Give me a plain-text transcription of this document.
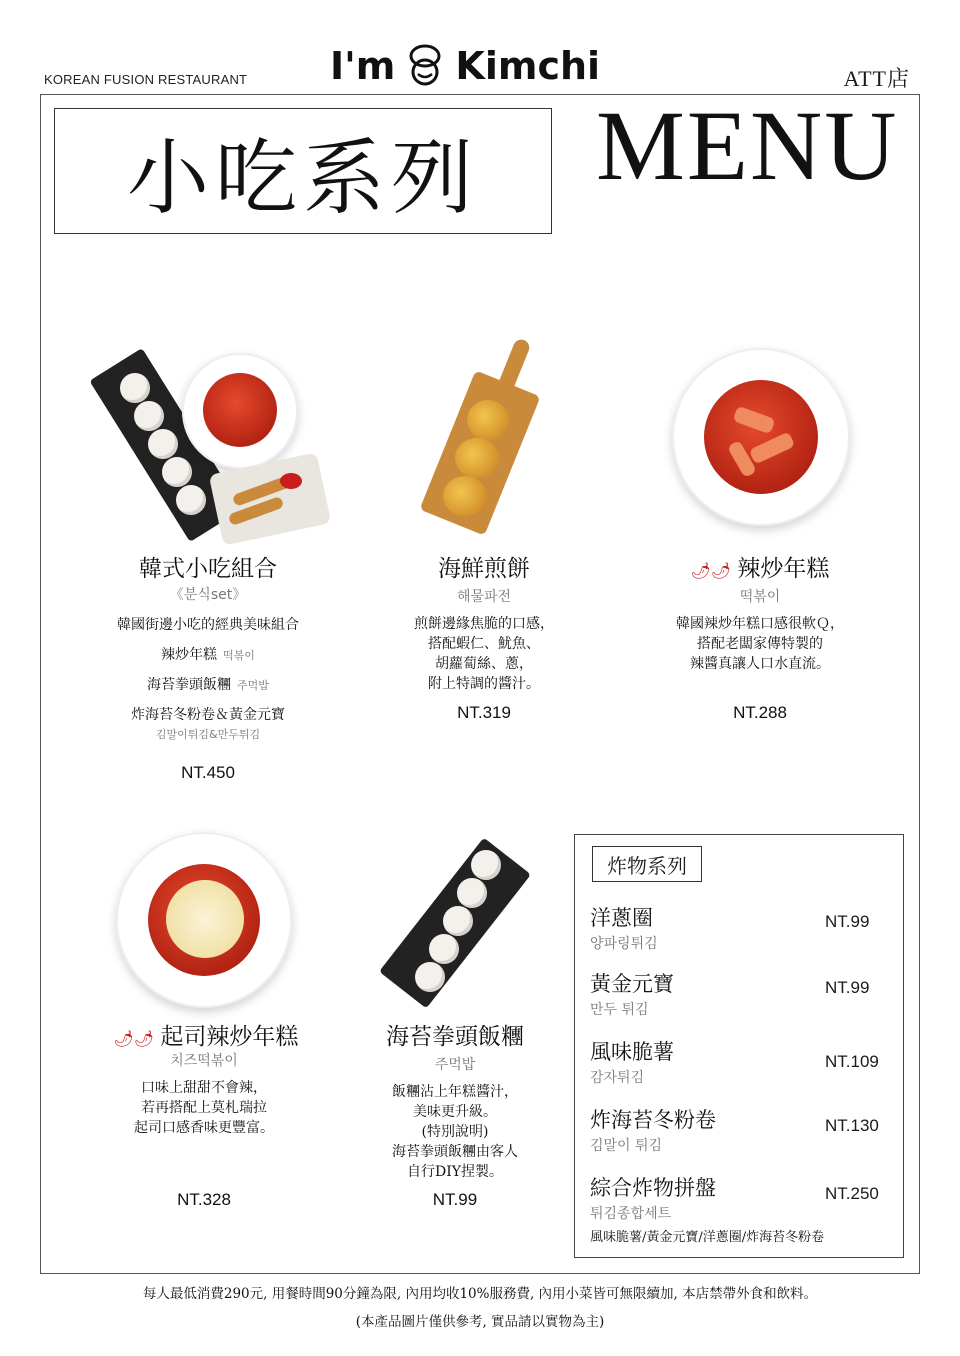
KOREAN FUSION RESTAURANT I'm Kimchi	ATT店
小吃系列	MENU
韓式小吃組合
《분식set》
韓國街邊小吃的經典美味組合
辣炒年糕 떡볶이
海苔拳頭飯糰 주먹밥
炸海苔冬粉卷＆黃金元寶
김말이튀김&만두튀김
NT.450
海鮮煎餅
해물파전
煎餅邊緣焦脆的口感，
搭配蝦仁、魷魚、
胡蘿蔔絲、蔥，
附上特調的醬汁。
NT.319
🌶🌶 辣炒年糕
떡볶이
韓國辣炒年糕口感很軟Ｑ，
搭配老闆家傳特製的
辣醬真讓人口水直流。
NT.288
🌶🌶 起司辣炒年糕
치즈떡볶이
口味上甜甜不會辣，
若再搭配上莫札瑞拉
起司口感香味更豐富。
NT.328
海苔拳頭飯糰
주먹밥
飯糰沾上年糕醬汁，
美味更升級。
(特別說明)
海苔拳頭飯糰由客人
自行DIY捏製。
NT.99
炸物系列
洋蔥圈
양파링튀김
NT.99
黃金元寶
만두 튀김
NT.99
風味脆薯
감자튀김
NT.109
炸海苔冬粉卷
김말이 튀김
NT.130
綜合炸物拼盤
튀김종합세트
NT.250
風味脆薯/黃金元寶/洋蔥圈/炸海苔冬粉卷
每人最低消費290元, 用餐時間90分鐘為限, 內用均收10%服務費, 內用小菜皆可無限續加, 本店禁帶外食和飲料。
(本產品圖片僅供參考, 實品請以實物為主)
